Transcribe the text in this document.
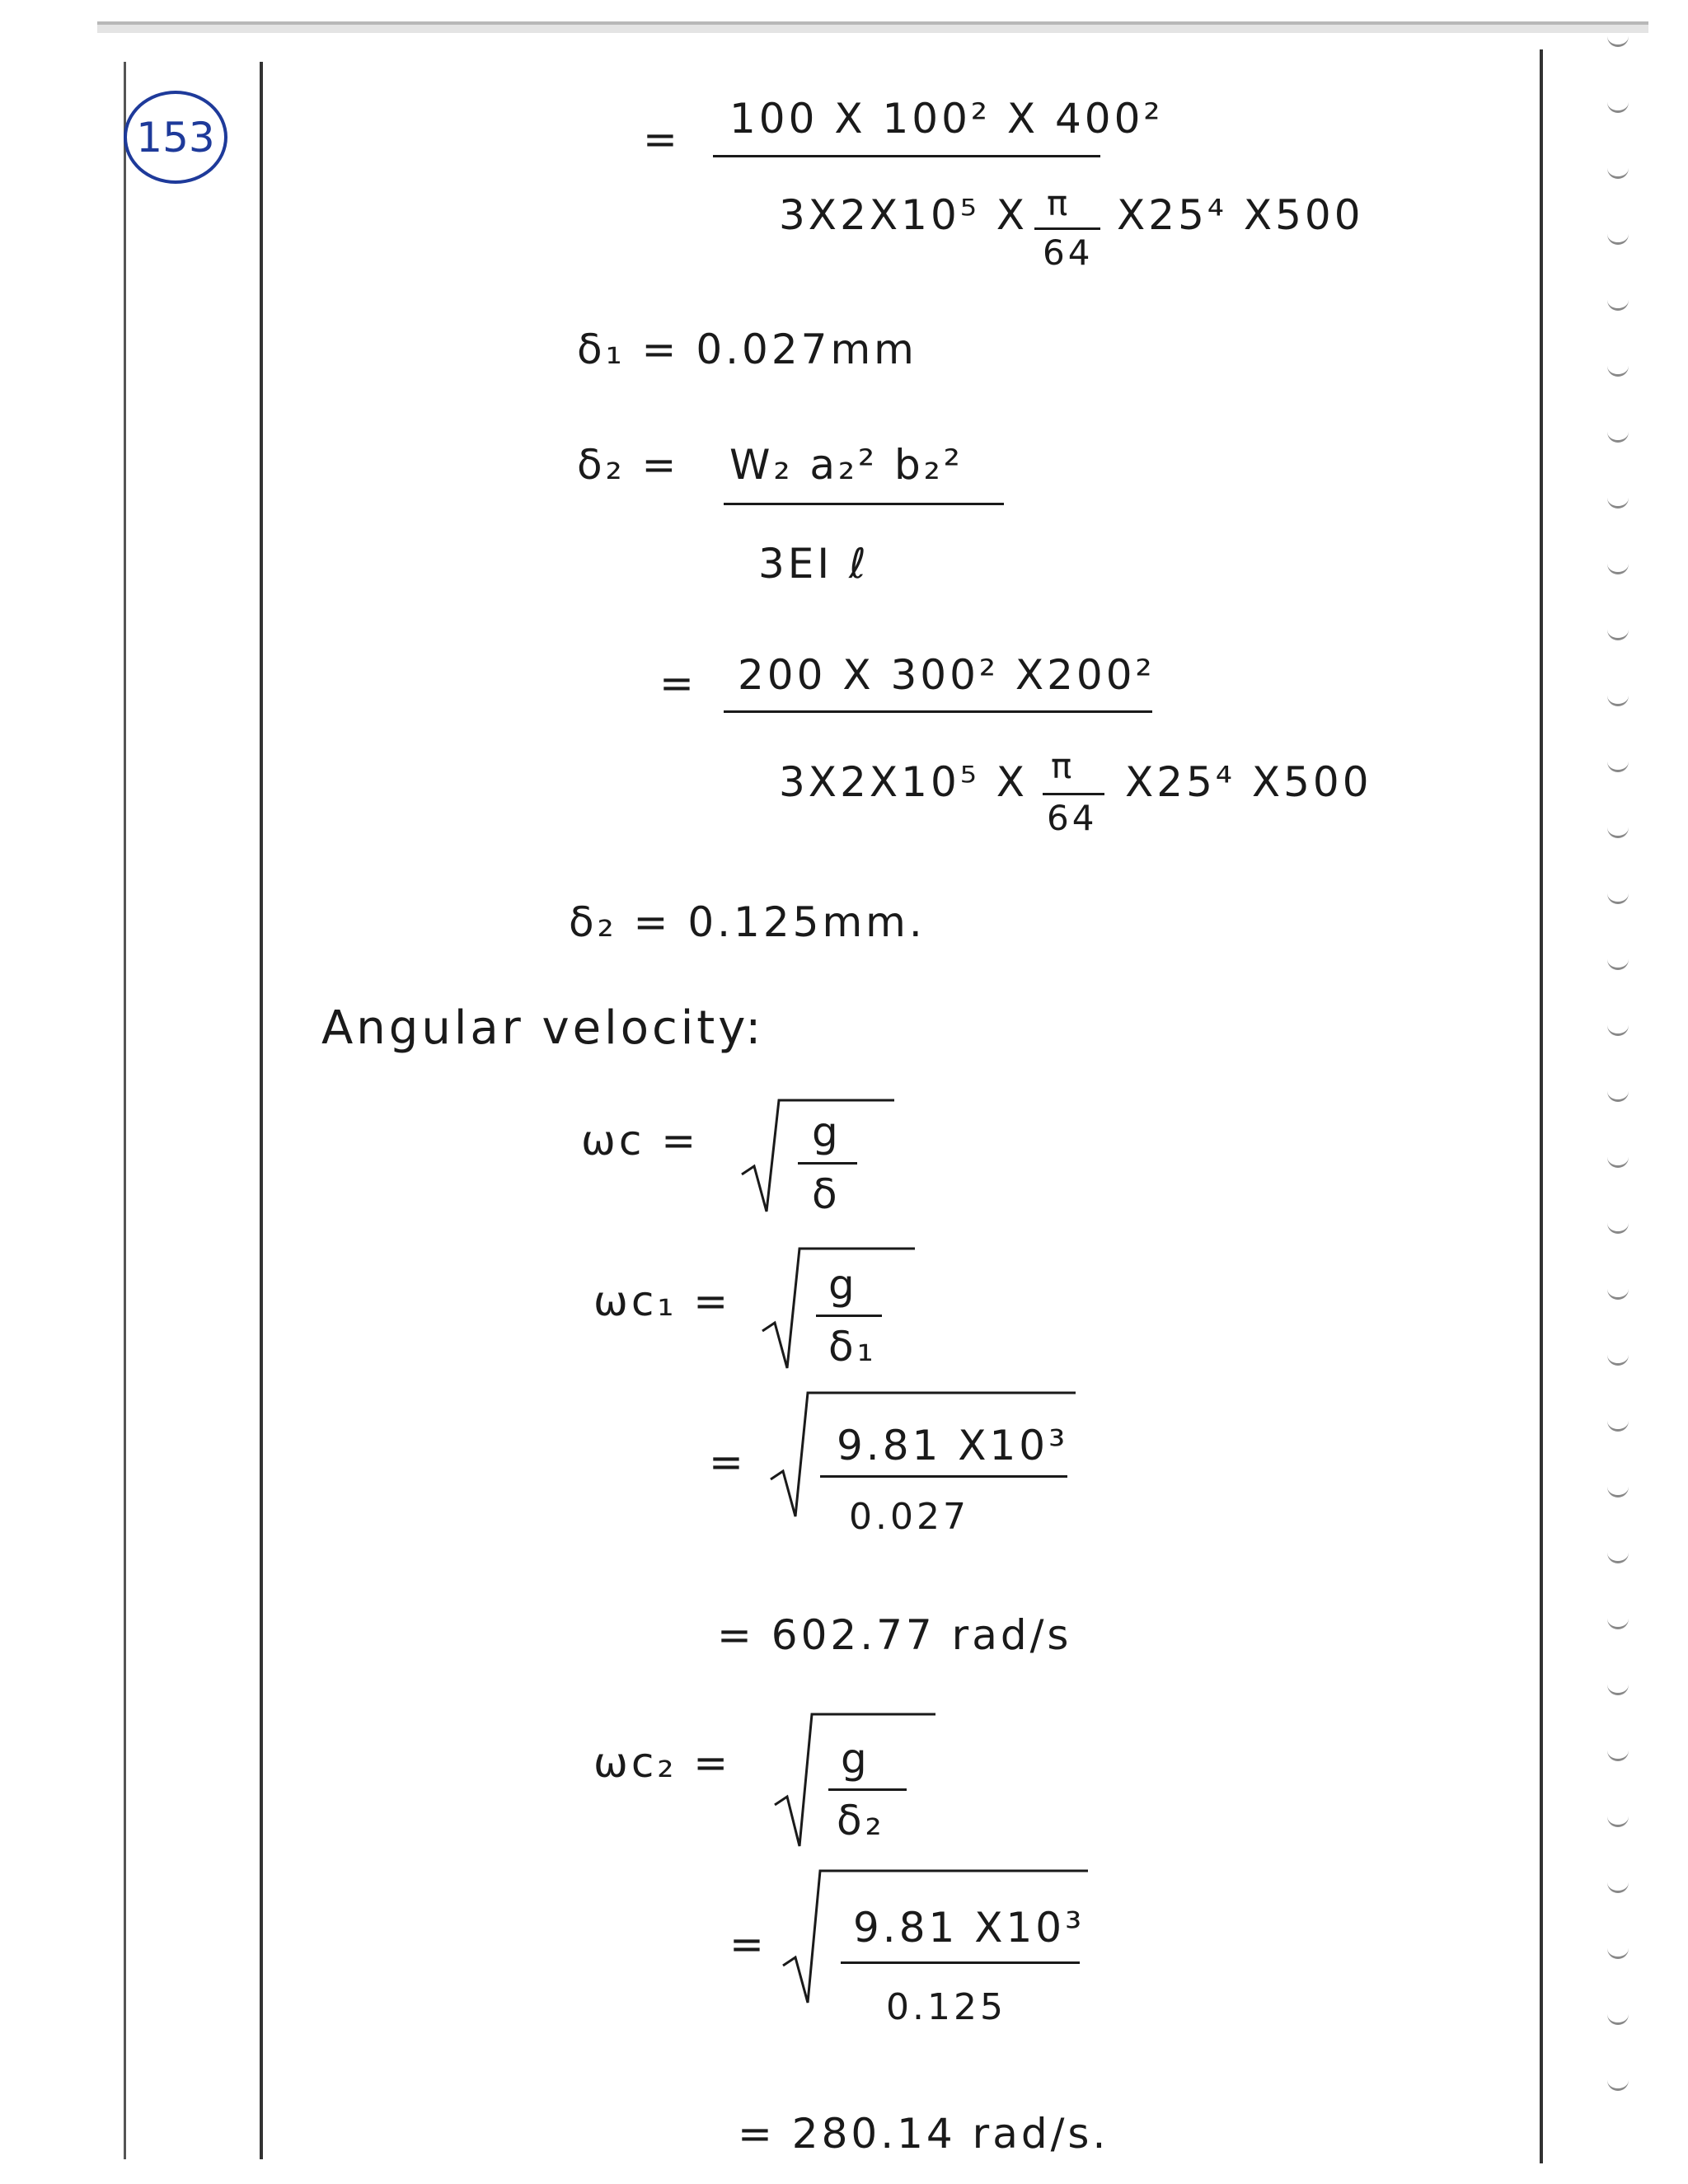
153	= 100 X 100² X 400²
3X2X10⁵ X π
64
X25⁴ X500
δ₁ = 0.027mm
δ₂ = W₂ a₂² b₂²
3EI ℓ
= 200 X 300² X200²
3X2X10⁵ X π
64
X25⁴ X500
δ₂ = 0.125mm.
Angular velocity:
ωc =	g
δ
ωc₁ = g
δ₁
= 9.81 X10³
0.027
= 602.77 rad/s
ωc₂ =	g
δ₂
= 9.81 X10³
0.125
= 280.14 rad/s.
